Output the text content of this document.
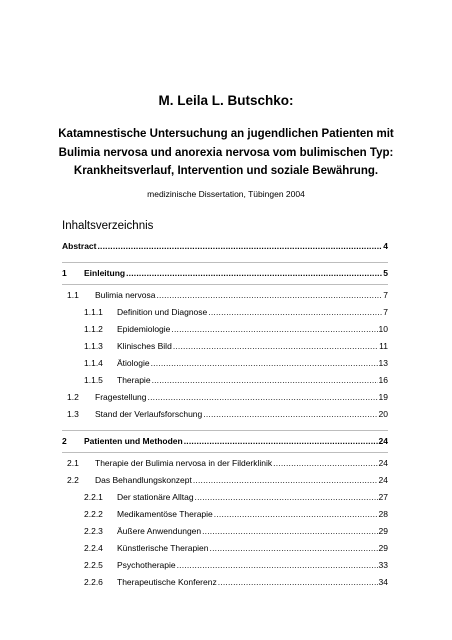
M. Leila L. Butschko:
Katamnestische Untersuchung an jugendlichen Patienten mit
Bulimia nervosa und anorexia nervosa vom bulimischen Typ:
Krankheitsverlauf, Intervention und soziale Bewährung.
medizinische Dissertation, Tübingen 2004
Inhaltsverzeichnis
Abstract .....	4
1	Einleitung .....	5
1.1	Bulimia nervosa .....	7
1.1.1	Definition und Diagnose .....	7
1.1.2	Epidemiologie .....	10
1.1.3	Klinisches Bild .....	11
1.1.4	Ätiologie .....	13
1.1.5	Therapie .....	16
1.2	Fragestellung .....	19
1.3	Stand der Verlaufsforschung .....	20
2	Patienten und Methoden .....	24
2.1	Therapie der Bulimia nervosa in der Filderklinik .....	24
2.2	Das Behandlungskonzept .....	24
2.2.1	Der stationäre Alltag .....	27
2.2.2	Medikamentöse Therapie .....	28
2.2.3	Äußere Anwendungen .....	29
2.2.4	Künstlerische Therapien .....	29
2.2.5	Psychotherapie .....	33
2.2.6	Therapeutische Konferenz .....	34
